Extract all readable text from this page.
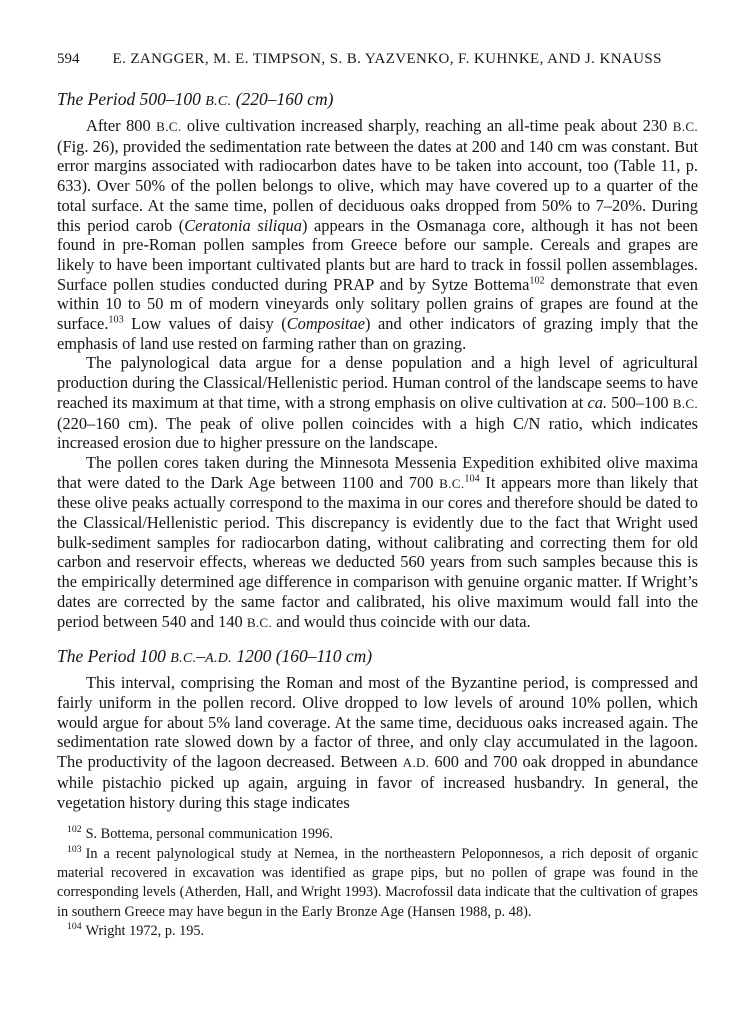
594 E. ZANGGER, M. E. TIMPSON, S. B. YAZVENKO, F. KUHNKE, AND J. KNAUSS
The Period 500–100 B.C. (220–160 cm)

After 800 B.C. olive cultivation increased sharply, reaching an all-time peak about 230 B.C. (Fig. 26), provided the sedimentation rate between the dates at 200 and 140 cm was constant. But error margins associated with radiocarbon dates have to be taken into account, too (Table 11, p. 633). Over 50% of the pollen belongs to olive, which may have covered up to a quarter of the total surface. At the same time, pollen of deciduous oaks dropped from 50% to 7–20%. During this period carob (Ceratonia siliqua) appears in the Osmanaga core, although it has not been found in pre-Roman pollen samples from Greece before our sample. Cereals and grapes are likely to have been important cultivated plants but are hard to track in fossil pollen assemblages. Surface pollen studies conducted during PRAP and by Sytze Bottema$^{102}$ demonstrate that even within 10 to 50 m of modern vineyards only solitary pollen grains of grapes are found at the surface.$^{103}$ Low values of daisy (Compositae) and other indicators of grazing imply that the emphasis of land use rested on farming rather than on grazing.

The palynological data argue for a dense population and a high level of agricultural production during the Classical/Hellenistic period. Human control of the landscape seems to have reached its maximum at that time, with a strong emphasis on olive cultivation at ca. 500–100 B.C. (220–160 cm). The peak of olive pollen coincides with a high C/N ratio, which indicates increased erosion due to higher pressure on the landscape.

The pollen cores taken during the Minnesota Messenia Expedition exhibited olive maxima that were dated to the Dark Age between 1100 and 700 B.C.$^{104}$ It appears more than likely that these olive peaks actually correspond to the maxima in our cores and therefore should be dated to the Classical/Hellenistic period. This discrepancy is evidently due to the fact that Wright used bulk-sediment samples for radiocarbon dating, without calibrating and correcting them for old carbon and reservoir effects, whereas we deducted 560 years from such samples because this is the empirically determined age difference in comparison with genuine organic matter. If Wright’s dates are corrected by the same factor and calibrated, his olive maximum would fall into the period between 540 and 140 B.C. and would thus coincide with our data.

The Period 100 B.C.–A.D. 1200 (160–110 cm)

This interval, comprising the Roman and most of the Byzantine period, is compressed and fairly uniform in the pollen record. Olive dropped to low levels of around 10% pollen, which would argue for about 5% land coverage. At the same time, deciduous oaks increased again. The sedimentation rate slowed down by a factor of three, and only clay accumulated in the lagoon. The productivity of the lagoon decreased. Between A.D. 600 and 700 oak dropped in abundance while pistachio picked up again, arguing in favor of increased husbandry. In general, the vegetation history during this stage indicates

$^{102}$ S. Bottema, personal communication 1996.

$^{103}$ In a recent palynological study at Nemea, in the northeastern Peloponnesos, a rich deposit of organic material recovered in excavation was identified as grape pips, but no pollen of grape was found in the corresponding levels (Atherden, Hall, and Wright 1993). Macrofossil data indicate that the cultivation of grapes in southern Greece may have begun in the Early Bronze Age (Hansen 1988, p. 48).

$^{104}$ Wright 1972, p. 195.
